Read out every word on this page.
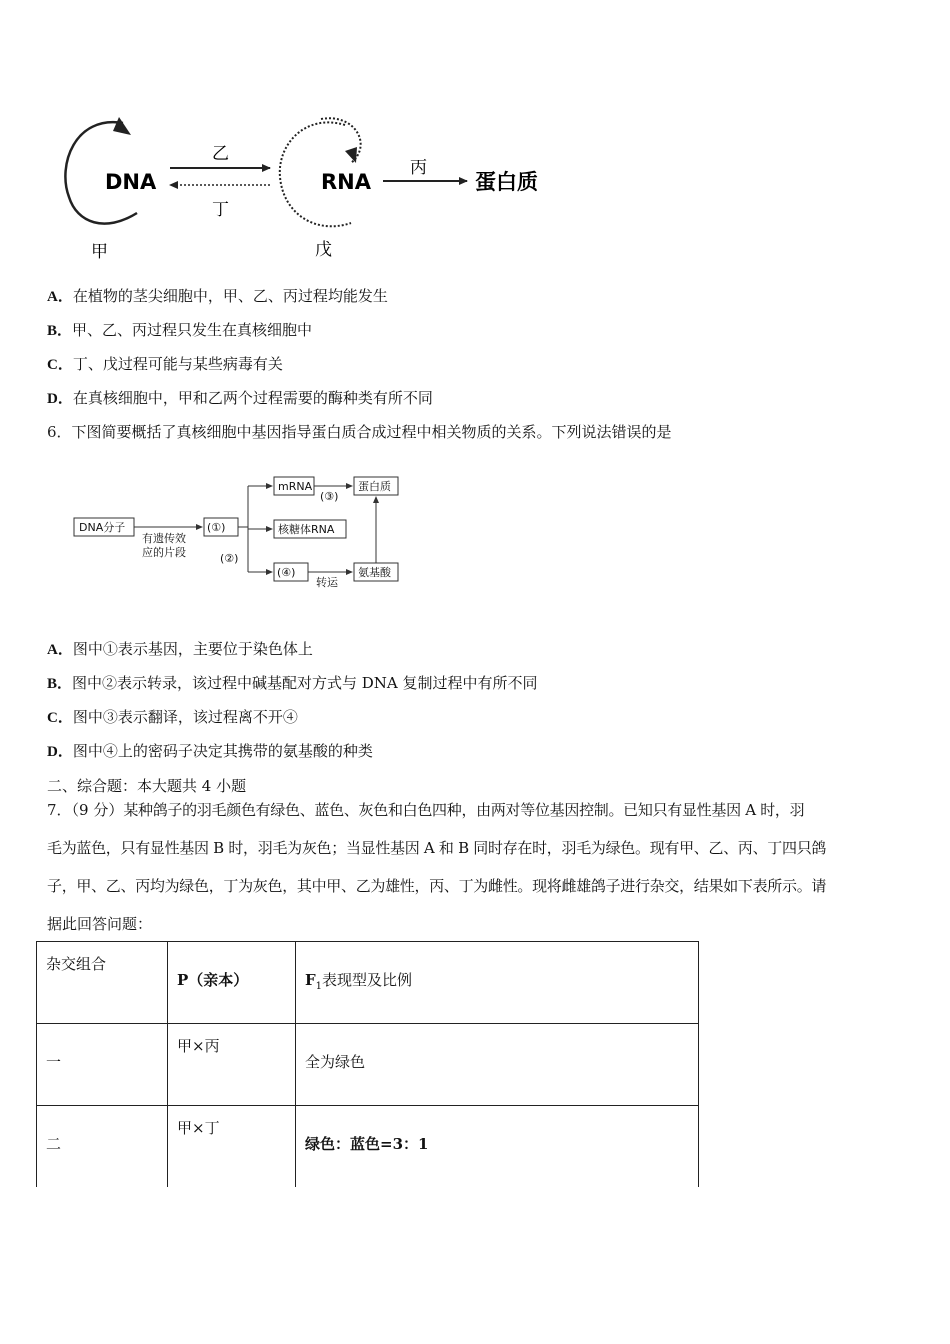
DNA
乙
丁
RNA
丙
蛋白质
甲	戊
A．在植物的茎尖细胞中，甲、乙、丙过程均能发生
B．甲、乙、丙过程只发生在真核细胞中
C．丁、戊过程可能与某些病毒有关
D．在真核细胞中，甲和乙两个过程需要的酶种类有所不同
6．下图简要概括了真核细胞中基因指导蛋白质合成过程中相关物质的关系。下列说法错误的是
DNA分子
有遗传效
应的片段
(①)
(②)
mRNA
(③)
蛋白质
核糖体RNA
(④)
转运
氨基酸
A．图中①表示基因，主要位于染色体上
B．图中②表示转录，该过程中碱基配对方式与 DNA 复制过程中有所不同
C．图中③表示翻译，该过程离不开④
D．图中④上的密码子决定其携带的氨基酸的种类
二、综合题：本大题共 4 小题
7．（9 分）某种鸽子的羽毛颜色有绿色、蓝色、灰色和白色四种，由两对等位基因控制。已知只有显性基因 A 时，羽
毛为蓝色，只有显性基因 B 时，羽毛为灰色；当显性基因 A 和 B 同时存在时，羽毛为绿色。现有甲、乙、丙、丁四只鸽
子，甲、乙、丙均为绿色，丁为灰色，其中甲、乙为雄性，丙、丁为雌性。现将雌雄鸽子进行杂交，结果如下表所示。请
据此回答问题：
杂交组合
P（亲本）	$F_1$表现型及比例
一
甲×丙
全为绿色
二
甲×丁
绿色：蓝色=3：1
